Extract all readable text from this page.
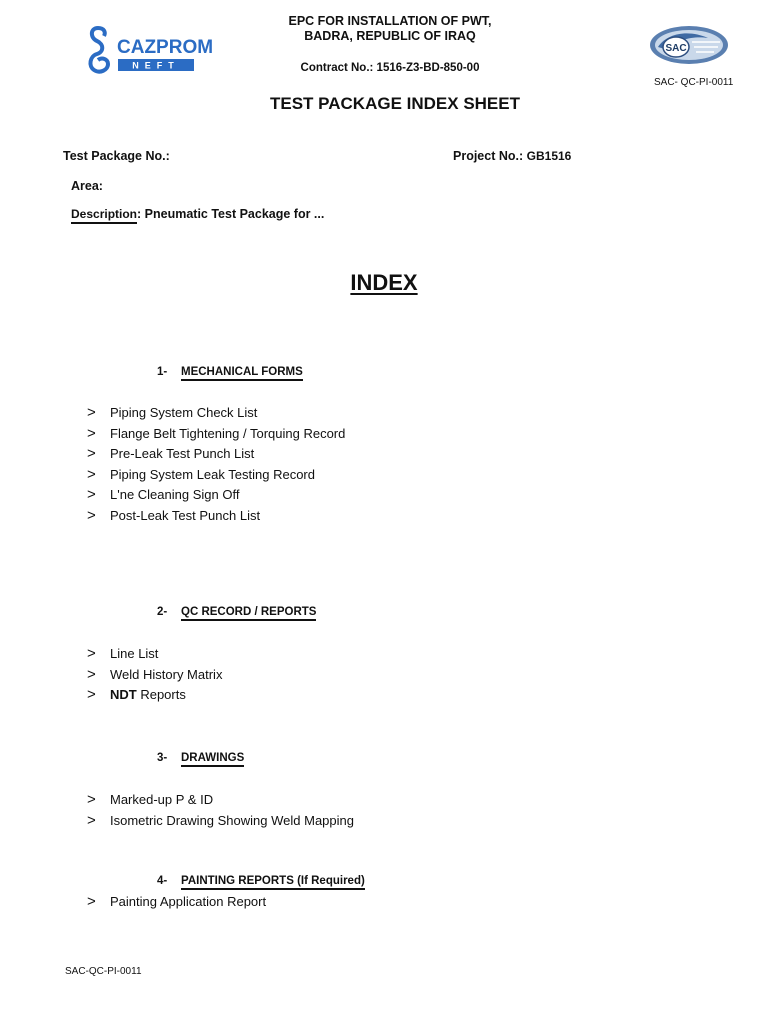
CAZPROM
NEFT
SAC
SAC- QC-PI-0011
EPC FOR INSTALLATION OF PWT,
BADRA, REPUBLIC OF IRAQ
Contract No.: 1516-Z3-BD-850-00
TEST PACKAGE INDEX SHEET
Test Package No.:	Project No.: GB1516
Area:
Description: Pneumatic Test Package for ...
INDEX
1- MECHANICAL FORMS
> Piping System Check List
> Flange Belt Tightening / Torquing Record
> Pre-Leak Test Punch List
> Piping System Leak Testing Record
> L'ne Cleaning Sign Off
> Post-Leak Test Punch List
2- QC RECORD / REPORTS
> Line List
> Weld History Matrix
> NDT Reports
3- DRAWINGS
> Marked-up P & ID
> Isometric Drawing Showing Weld Mapping
4- PAINTING REPORTS (If Required)
> Painting Application Report
SAC-QC-PI-0011
